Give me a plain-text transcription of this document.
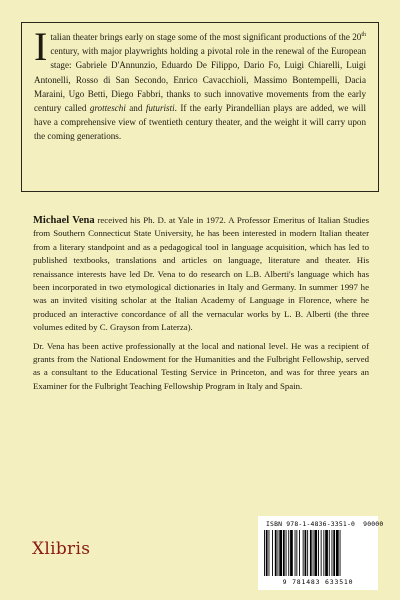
Italian theater brings early on stage some of the most significant productions of the 20th century, with major playwrights holding a pivotal role in the renewal of the European stage: Gabriele D'Annunzio, Eduardo De Filippo, Dario Fo, Luigi Chiarelli, Luigi Antonelli, Rosso di San Secondo, Enrico Cavacchioli, Massimo Bontempelli, Dacia Maraini, Ugo Betti, Diego Fabbri, thanks to such innovative movements from the early century called grotteschi and futuristi. If the early Pirandellian plays are added, we will have a comprehensive view of twentieth century theater, and the weight it will carry upon the coming generations.

Michael Vena received his Ph. D. at Yale in 1972. A Professor Emeritus of Italian Studies from Southern Connecticut State University, he has been interested in modern Italian theater from a literary standpoint and as a pedagogical tool in language acquisition, which has led to published textbooks, translations and articles on language, literature and theater. His renaissance interests have led Dr. Vena to do research on L.B. Alberti's language which has been incorporated in two etymological dictionaries in Italy and Germany. In summer 1997 he was an invited visiting scholar at the Italian Academy of Language in Florence, where he produced an interactive concordance of all the vernacular works by L. B. Alberti (the three volumes edited by C. Grayson from Laterza).

Dr. Vena has been active professionally at the local and national level. He was a recipient of grants from the National Endowment for the Humanities and the Fulbright Fellowship, served as a consultant to the Educational Testing Service in Princeton, and was for three years an Examiner for the Fulbright Teaching Fellowship Program in Italy and Spain.

ISBN 978-1-4836-3351-0 90000
9 781483 633510
Xlibris
